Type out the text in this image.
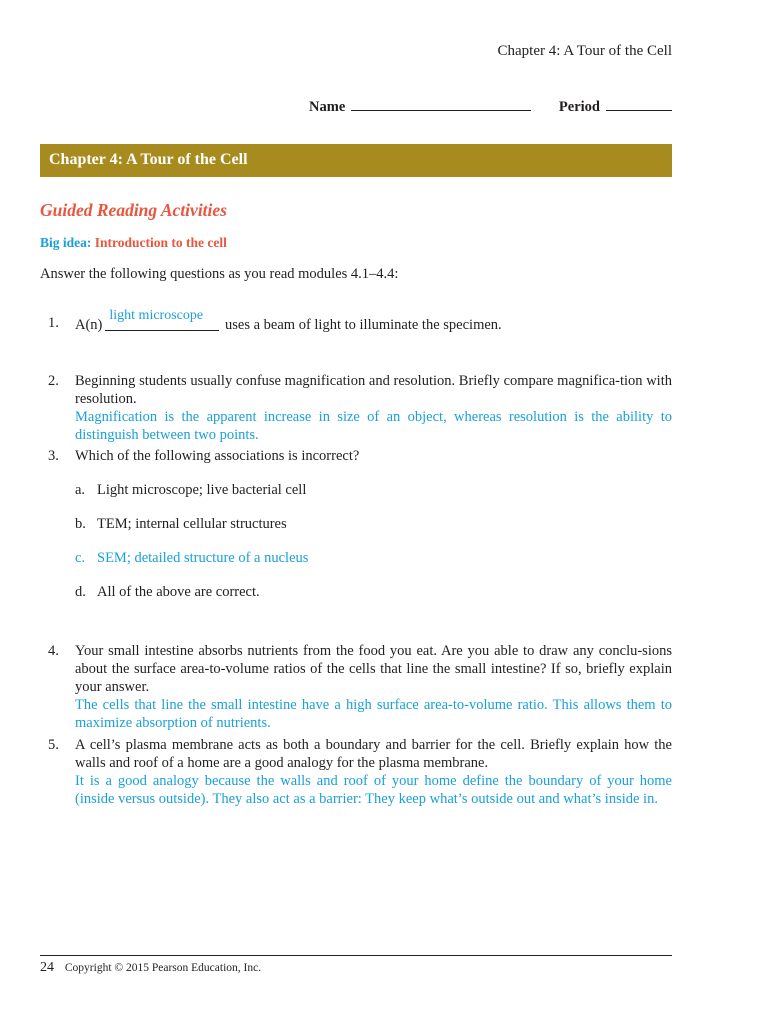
Chapter 4: A Tour of the Cell
Name	Period
Chapter 4: A Tour of the Cell
Guided Reading Activities
Big idea: Introduction to the cell
Answer the following questions as you read modules 4.1–4.4:
1. A(n)
light microscope
uses a beam of light to illuminate the specimen.
2. Beginning students usually confuse magnification and resolution. Briefly compare magnifica-tion with resolution.
Magnification is the apparent increase in size of an object, whereas resolution is the ability to distinguish between two points.
3. Which of the following associations is incorrect?
a. Light microscope; live bacterial cell
b. TEM; internal cellular structures
c. SEM; detailed structure of a nucleus
d. All of the above are correct.
4. Your small intestine absorbs nutrients from the food you eat. Are you able to draw any conclu-sions about the surface area-to-volume ratios of the cells that line the small intestine? If so, briefly explain your answer.
The cells that line the small intestine have a high surface area-to-volume ratio. This allows them to maximize absorption of nutrients.
5. A cell’s plasma membrane acts as both a boundary and barrier for the cell. Briefly explain how the walls and roof of a home are a good analogy for the plasma membrane.
It is a good analogy because the walls and roof of your home define the boundary of your home (inside versus outside). They also act as a barrier: They keep what’s outside out and what’s inside in.
24 Copyright © 2015 Pearson Education, Inc.
